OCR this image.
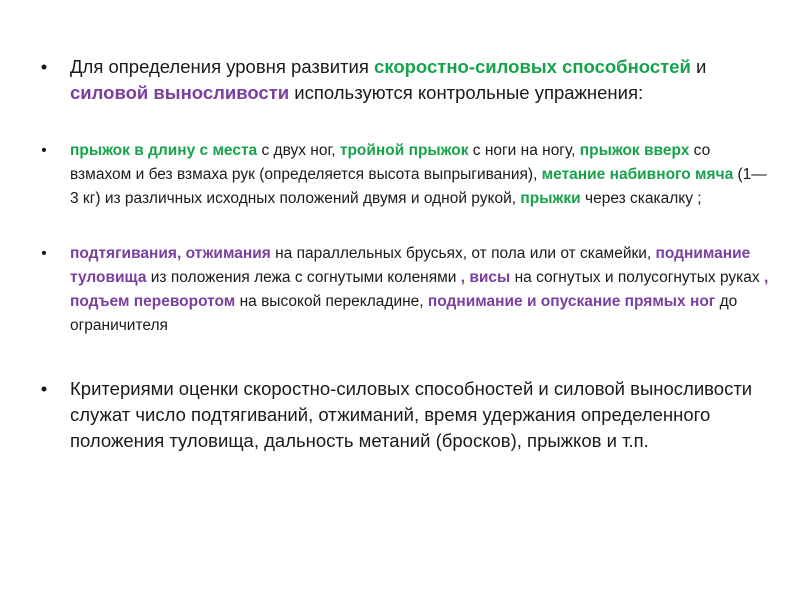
• Для определения уровня развития скоростно-силовых способностей и силовой выносливости используются контрольные упражнения:

• прыжок в длину с места с двух ног, тройной прыжок с ноги на ногу, прыжок вверх со взмахом и без взмаха рук (определяется высота выпрыгивания), метание набивного мяча (1—3 кг) из различных исходных положений двумя и одной рукой, прыжки через скакалку ;

• подтягивания, отжимания на параллельных брусьях, от пола или от скамейки, поднимание туловища из положения лежа с согнутыми коленями , висы на согнутых и полусогнутых руках , подъем переворотом на высокой перекладине, поднимание и опускание прямых ног до ограничителя

• Критериями оценки скоростно-силовых способностей и силовой выносливости служат число подтягиваний, отжиманий, время удержания определенного положения туловища, дальность метаний (бросков), прыжков и т.п.
